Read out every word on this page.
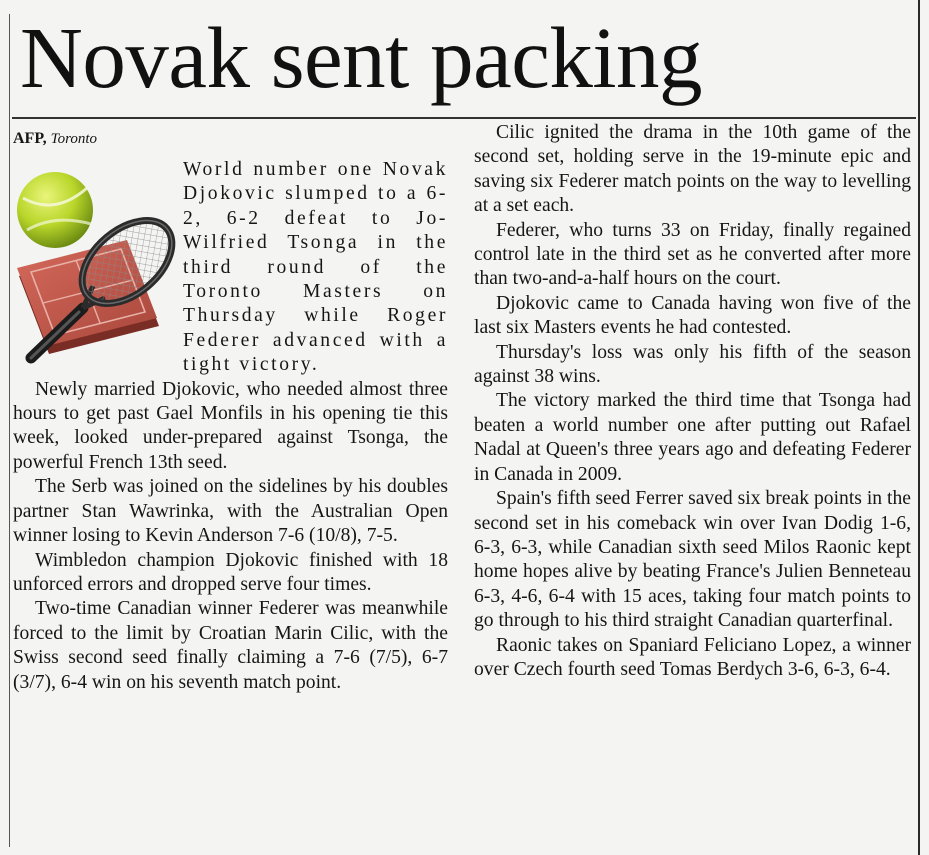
Novak sent packing
AFP, Toronto

World number one Novak Djokovic slumped to a 6-2, 6-2 defeat to Jo-Wilfried Tsonga in the third round of the Toronto Masters on Thursday while Roger Federer advanced with a tight victory.

Newly married Djokovic, who needed almost three hours to get past Gael Monfils in his opening tie this week, looked under-prepared against Tsonga, the powerful French 13th seed.

The Serb was joined on the sidelines by his doubles partner Stan Wawrinka, with the Australian Open winner losing to Kevin Anderson 7-6 (10/8), 7-5.

Wimbledon champion Djokovic finished with 18 unforced errors and dropped serve four times.

Two-time Canadian winner Federer was meanwhile forced to the limit by Croatian Marin Cilic, with the Swiss second seed finally claiming a 7-6 (7/5), 6-7 (3/7), 6-4 win on his seventh match point.

Cilic ignited the drama in the 10th game of the second set, holding serve in the 19-minute epic and saving six Federer match points on the way to levelling at a set each.

Federer, who turns 33 on Friday, finally regained control late in the third set as he converted after more than two-and-a-half hours on the court.

Djokovic came to Canada having won five of the last six Masters events he had contested.

Thursday's loss was only his fifth of the season against 38 wins.

The victory marked the third time that Tsonga had beaten a world number one after putting out Rafael Nadal at Queen's three years ago and defeating Federer in Canada in 2009.

Spain's fifth seed Ferrer saved six break points in the second set in his comeback win over Ivan Dodig 1-6, 6-3, 6-3, while Canadian sixth seed Milos Raonic kept home hopes alive by beating France's Julien Benneteau 6-3, 4-6, 6-4 with 15 aces, taking four match points to go through to his third straight Canadian quarterfinal.

Raonic takes on Spaniard Feliciano Lopez, a winner over Czech fourth seed Tomas Berdych 3-6, 6-3, 6-4.
